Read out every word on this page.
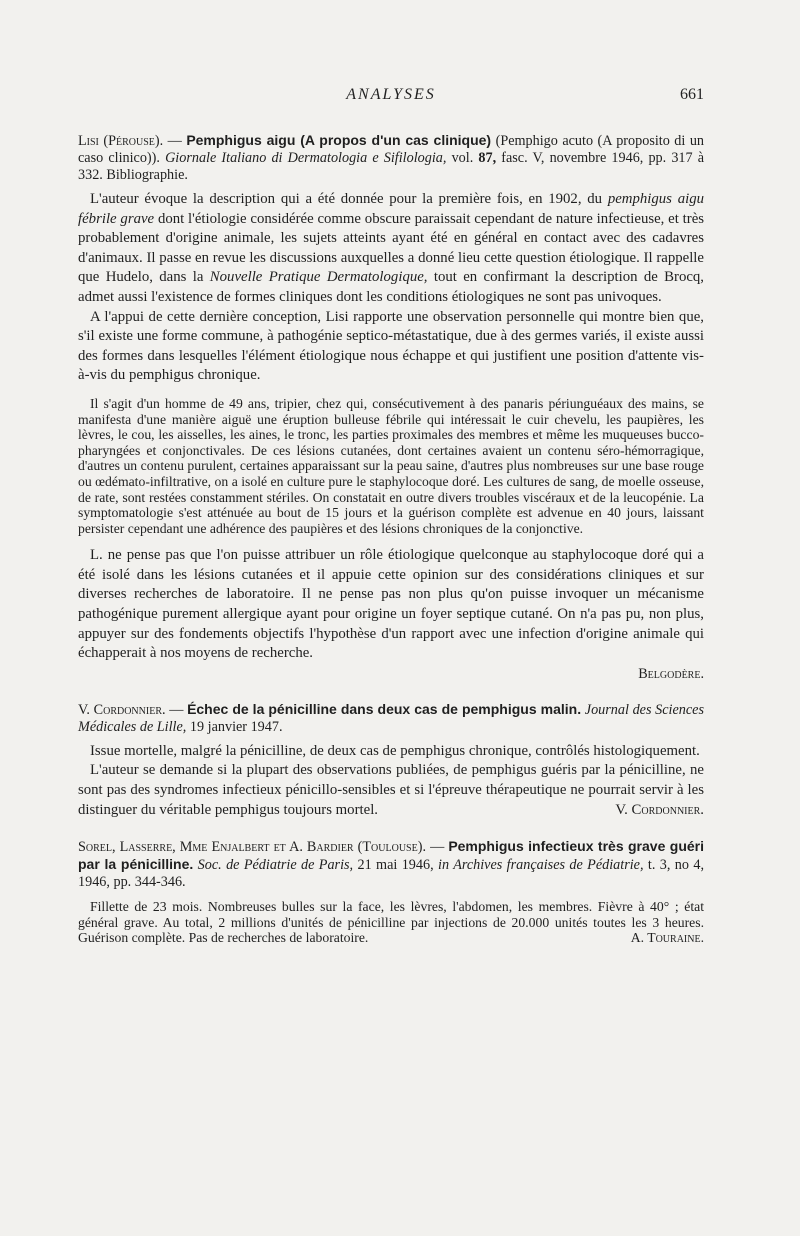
ANALYSES	661

Lisi (Pérouse). — Pemphigus aigu (A propos d'un cas clinique) (Pemphigo acuto (A proposito di un caso clinico)). Giornale Italiano di Dermatologia e Sifilologia, vol. 87, fasc. V, novembre 1946, pp. 317 à 332. Bibliographie.

L'auteur évoque la description qui a été donnée pour la première fois, en 1902, du pemphigus aigu fébrile grave dont l'étiologie considérée comme obscure paraissait cependant de nature infectieuse, et très probablement d'origine animale, les sujets atteints ayant été en général en contact avec des cadavres d'animaux. Il passe en revue les discussions auxquelles a donné lieu cette question étiologique. Il rappelle que Hudelo, dans la Nouvelle Pratique Dermatologique, tout en confirmant la description de Brocq, admet aussi l'existence de formes cliniques dont les conditions étiologiques ne sont pas univoques.

A l'appui de cette dernière conception, Lisi rapporte une observation personnelle qui montre bien que, s'il existe une forme commune, à pathogénie septico-métastatique, due à des germes variés, il existe aussi des formes dans lesquelles l'élément étiologique nous échappe et qui justifient une position d'attente vis-à-vis du pemphigus chronique.

Il s'agit d'un homme de 49 ans, tripier, chez qui, consécutivement à des panaris périunguéaux des mains, se manifesta d'une manière aiguë une éruption bulleuse fébrile qui intéressait le cuir chevelu, les paupières, les lèvres, le cou, les aisselles, les aines, le tronc, les parties proximales des membres et même les muqueuses bucco-pharyngées et conjonctivales. De ces lésions cutanées, dont certaines avaient un contenu séro-hémorragique, d'autres un contenu purulent, certaines apparaissant sur la peau saine, d'autres plus nombreuses sur une base rouge ou œdémato-infiltrative, on a isolé en culture pure le staphylocoque doré. Les cultures de sang, de moelle osseuse, de rate, sont restées constamment stériles. On constatait en outre divers troubles viscéraux et de la leucopénie. La symptomatologie s'est atténuée au bout de 15 jours et la guérison complète est advenue en 40 jours, laissant persister cependant une adhérence des paupières et des lésions chroniques de la conjonctive.

L. ne pense pas que l'on puisse attribuer un rôle étiologique quelconque au staphylocoque doré qui a été isolé dans les lésions cutanées et il appuie cette opinion sur des considérations cliniques et sur diverses recherches de laboratoire. Il ne pense pas non plus qu'on puisse invoquer un mécanisme pathogénique purement allergique ayant pour origine un foyer septique cutané. On n'a pas pu, non plus, appuyer sur des fondements objectifs l'hypothèse d'un rapport avec une infection d'origine animale qui échapperait à nos moyens de recherche.

Belgodère.

V. Cordonnier. — Échec de la pénicilline dans deux cas de pemphigus malin. Journal des Sciences Médicales de Lille, 19 janvier 1947.

Issue mortelle, malgré la pénicilline, de deux cas de pemphigus chronique, contrôlés histologiquement.

L'auteur se demande si la plupart des observations publiées, de pemphigus guéris par la pénicilline, ne sont pas des syndromes infectieux pénicillo-sensibles et si l'épreuve thérapeutique ne pourrait servir à les distinguer du véritable pemphigus toujours mortel.	V. Cordonnier.

Sorel, Lasserre, Mme Enjalbert et A. Bardier (Toulouse). — Pemphigus infectieux très grave guéri par la pénicilline. Soc. de Pédiatrie de Paris, 21 mai 1946, in Archives françaises de Pédiatrie, t. 3, no 4, 1946, pp. 344-346.

Fillette de 23 mois. Nombreuses bulles sur la face, les lèvres, l'abdomen, les membres. Fièvre à 40° ; état général grave. Au total, 2 millions d'unités de pénicilline par injections de 20.000 unités toutes les 3 heures. Guérison complète. Pas de recherches de laboratoire.	A. Touraine.
